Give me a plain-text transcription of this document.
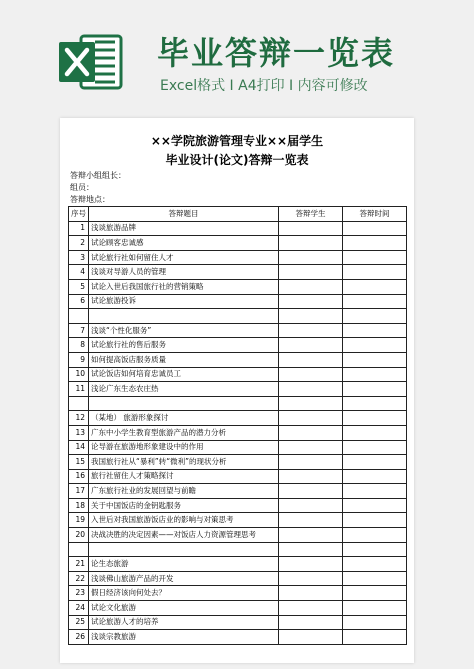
毕业答辩一览表
Excel格式 I A4打印 I 内容可修改
××学院旅游管理专业××届学生
毕业设计(论文)答辩一览表
答辩小组组长：
组员：
答辩地点：
序号	答辩题目	答辩学生	答辩时间
1	浅谈旅游品牌		
2	试论顾客忠诚感		
3	试论旅行社如何留住人才		
4	浅谈对导游人员的管理		
5	试论入世后我国旅行社的营销策略		
6	试论旅游投诉		

7	浅谈“个性化服务”		
8	试论旅行社的售后服务		
9	如何提高饭店服务质量		
10	试论饭店如何培育忠诚员工		
11	浅论广东生态农庄热		

12	（某地） 旅游形象探讨		
13	广东中小学生教育型旅游产品的潜力分析		
14	论导游在旅游地形象建设中的作用		
15	我国旅行社从“暴利”转“微利”的现状分析		
16	旅行社留住人才策略探讨		
17	广东旅行社业的发展回望与前瞻		
18	关于中国饭店的金钥匙服务		
19	入世后对我国旅游饭店业的影响与对策思考		
20	决战决胜的决定因素——对饭店人力资源管理思考		

21	论生态旅游		
22	浅谈佛山旅游产品的开发		
23	假日经济该向何处去？		
24	试论文化旅游		
25	试论旅游人才的培养		
26	浅谈宗教旅游		
